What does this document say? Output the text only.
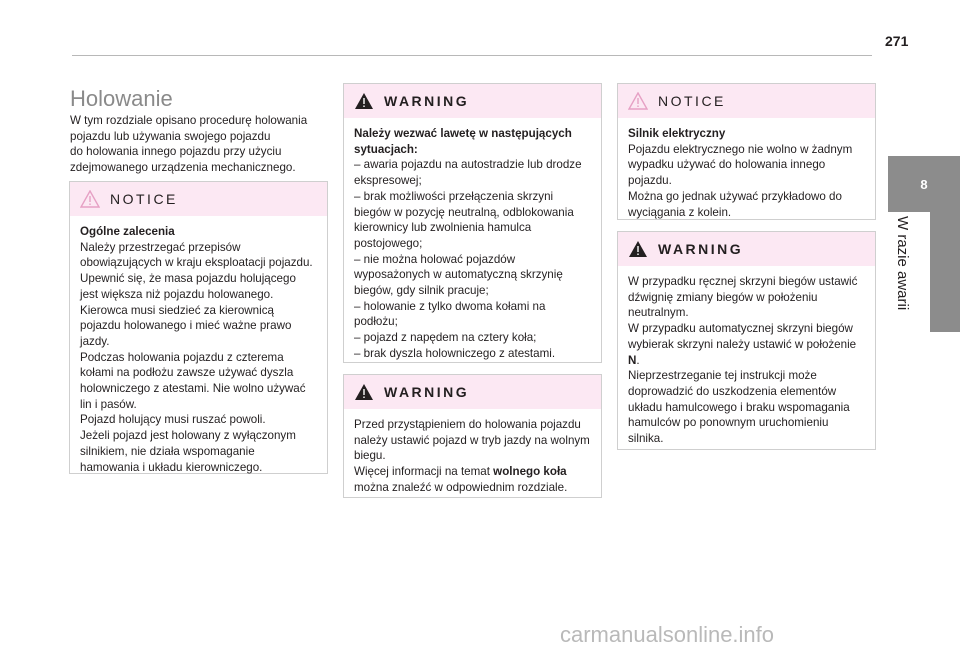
271
8
W razie awarii
Holowanie
W tym rozdziale opisano procedurę holowania
pojazdu lub używania swojego pojazdu
do holowania innego pojazdu przy użyciu
zdejmowanego urządzenia mechanicznego.
NOTICE
Ogólne zalecenia
Należy przestrzegać przepisów
obowiązujących w kraju eksploatacji pojazdu.
Upewnić się, że masa pojazdu holującego
jest większa niż pojazdu holowanego.
Kierowca musi siedzieć za kierownicą
pojazdu holowanego i mieć ważne prawo
jazdy.
Podczas holowania pojazdu z czterema
kołami na podłożu zawsze używać dyszla
holowniczego z atestami. Nie wolno używać
lin i pasów.
Pojazd holujący musi ruszać powoli.
Jeżeli pojazd jest holowany z wyłączonym
silnikiem, nie działa wspomaganie
hamowania i układu kierowniczego.
WARNING
Należy wezwać lawetę w następujących
sytuacjach:
– awaria pojazdu na autostradzie lub drodze
ekspresowej;
– brak możliwości przełączenia skrzyni
biegów w pozycję neutralną, odblokowania
kierownicy lub zwolnienia hamulca
postojowego;
– nie można holować pojazdów
wyposażonych w automatyczną skrzynię
biegów, gdy silnik pracuje;
– holowanie z tylko dwoma kołami na
podłożu;
– pojazd z napędem na cztery koła;
– brak dyszla holowniczego z atestami.
WARNING
Przed przystąpieniem do holowania pojazdu
należy ustawić pojazd w tryb jazdy na wolnym
biegu.
Więcej informacji na temat wolnego koła
można znaleźć w odpowiednim rozdziale.
NOTICE
Silnik elektryczny
Pojazdu elektrycznego nie wolno w żadnym
wypadku używać do holowania innego
pojazdu.
Można go jednak używać przykładowo do
wyciągania z kolein.
WARNING
W przypadku ręcznej skrzyni biegów ustawić
dźwignię zmiany biegów w położeniu
neutralnym.
W przypadku automatycznej skrzyni biegów
wybierak skrzyni należy ustawić w położenie
N.
Nieprzestrzeganie tej instrukcji może
doprowadzić do uszkodzenia elementów
układu hamulcowego i braku wspomagania
hamulców po ponownym uruchomieniu
silnika.
carmanualsonline.info
